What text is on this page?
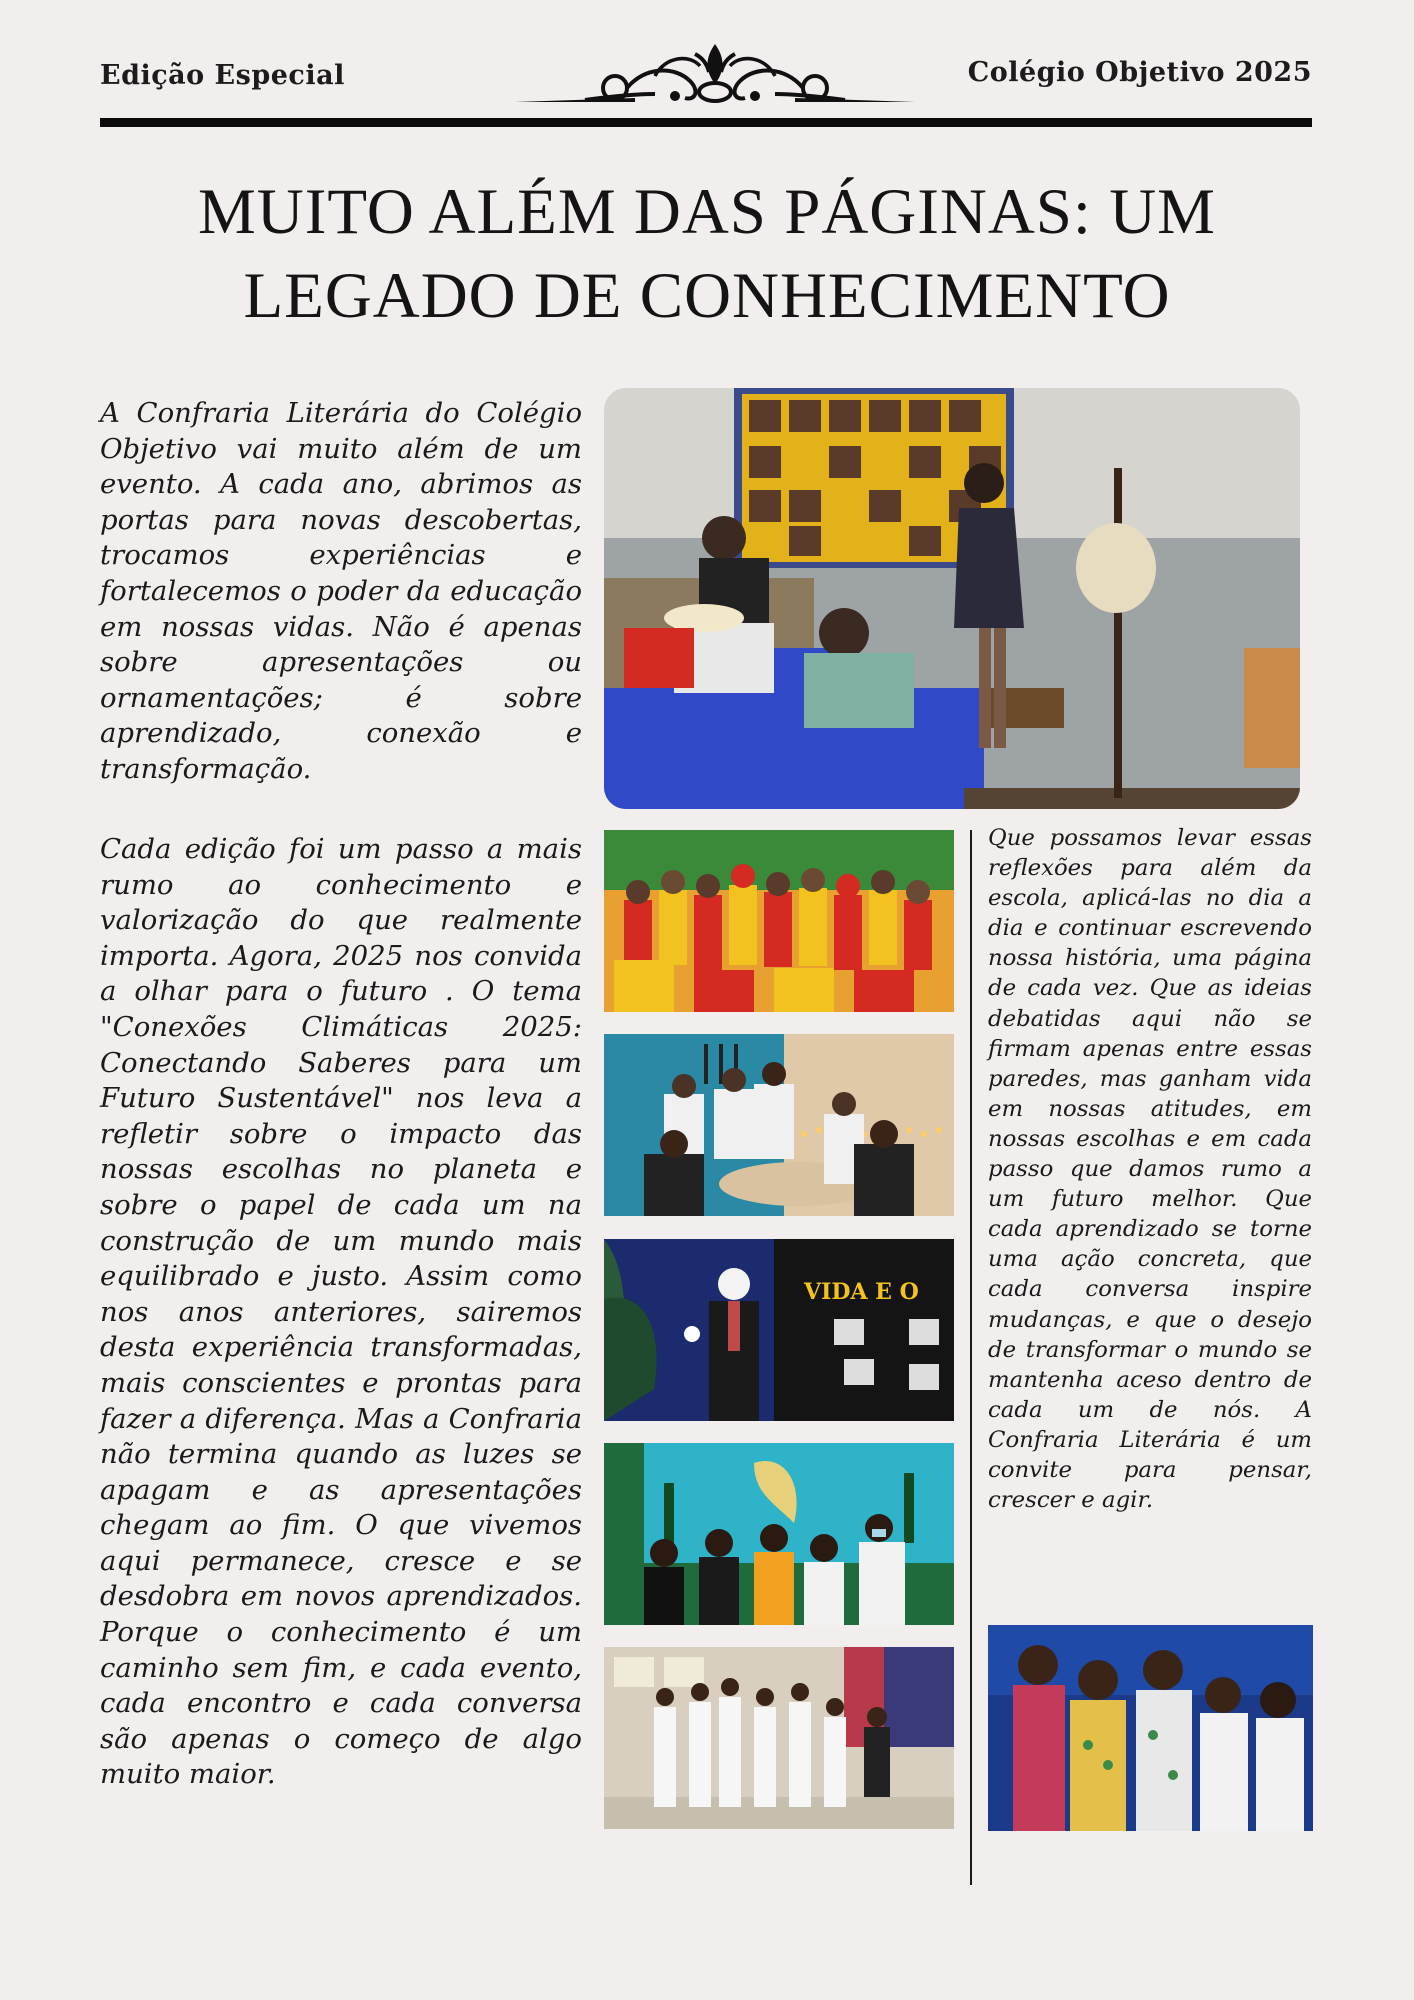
Edição Especial	Colégio Objetivo 2025
MUITO ALÉM DAS PÁGINAS: UM LEGADO DE CONHECIMENTO

A Confraria Literária do Colégio Objetivo vai muito além de um evento. A cada ano, abrimos as portas para novas descobertas, trocamos experiências e fortalecemos o poder da educação em nossas vidas. Não é apenas sobre apresentações ou ornamentações; é sobre aprendizado, conexão e transformação.

Cada edição foi um passo a mais rumo ao conhecimento e valorização do que realmente importa. Agora, 2025 nos convida a olhar para o futuro . O tema "Conexões Climáticas 2025: Conectando Saberes para um Futuro Sustentável" nos leva a refletir sobre o impacto das nossas escolhas no planeta e sobre o papel de cada um na construção de um mundo mais equilibrado e justo. Assim como nos anos anteriores, sairemos desta experiência transformadas, mais conscientes e prontas para fazer a diferença. Mas a Confraria não termina quando as luzes se apagam e as apresentações chegam ao fim. O que vivemos aqui permanece, cresce e se desdobra em novos aprendizados. Porque o conhecimento é um caminho sem fim, e cada evento, cada encontro e cada conversa são apenas o começo de algo muito maior.

Que possamos levar essas reflexões para além da escola, aplicá-las no dia a dia e continuar escrevendo nossa história, uma página de cada vez. Que as ideias debatidas aqui não se firmam apenas entre essas paredes, mas ganham vida em nossas atitudes, em nossas escolhas e em cada passo que damos rumo a um futuro melhor. Que cada aprendizado se torne uma ação concreta, que cada conversa inspire mudanças, e que o desejo de transformar o mundo se mantenha aceso dentro de cada um de nós. A Confraria Literária é um convite para pensar, crescer e agir.

VIDA E O
